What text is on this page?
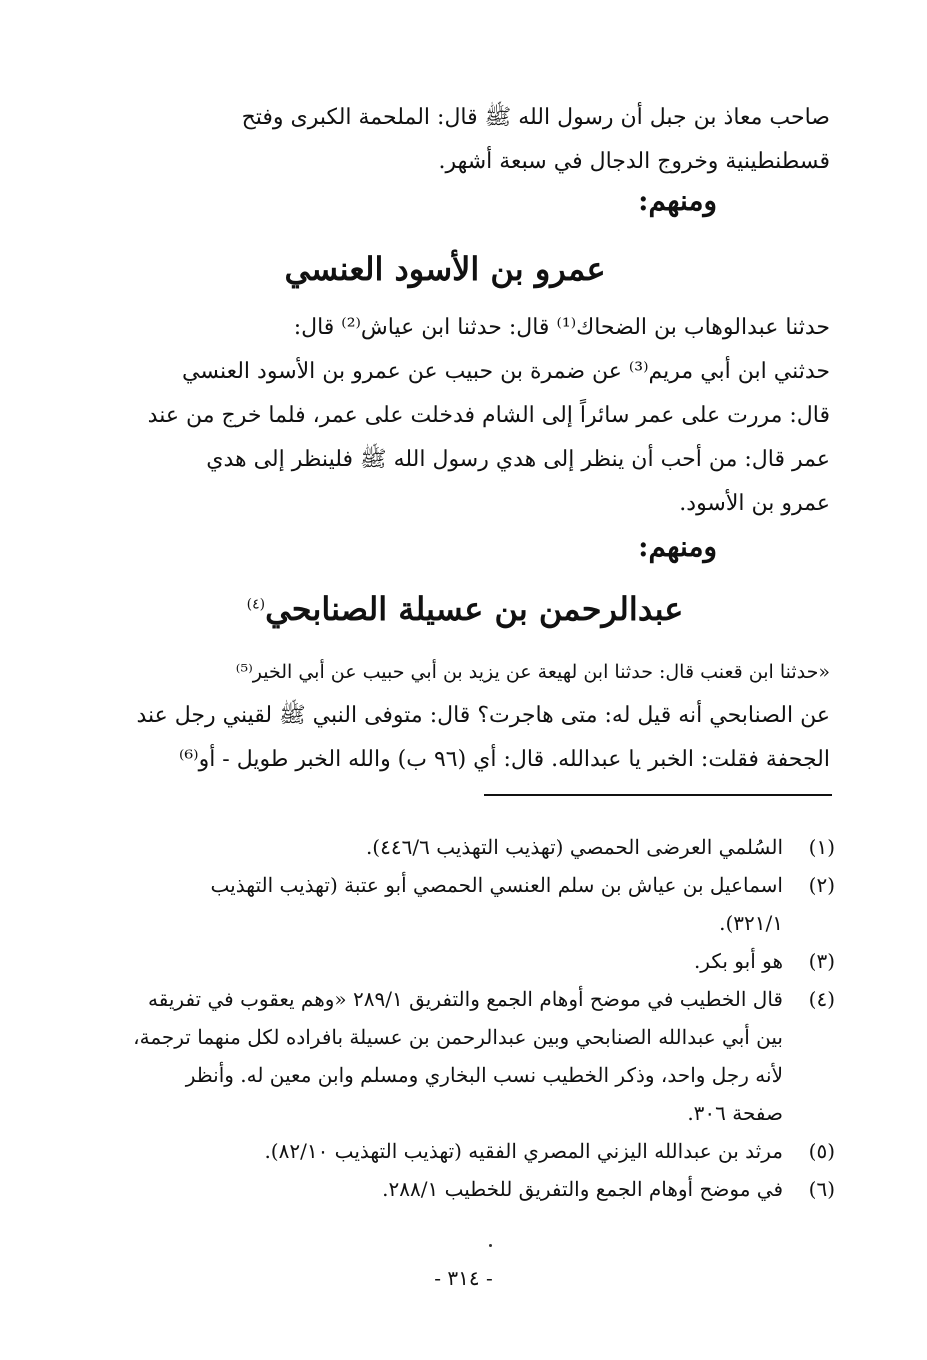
صاحب معاذ بن جبل أن رسول الله ﷺ قال: الملحمة الكبرى وفتح
قسطنطينية وخروج الدجال في سبعة أشهر.
ومنهم:
عمرو بن الأسود العنسي
حدثنا عبدالوهاب بن الضحاك⁽¹⁾ قال: حدثنا ابن عياش⁽²⁾ قال:
حدثني ابن أبي مريم⁽³⁾ عن ضمرة بن حبيب عن عمرو بن الأسود العنسي
قال: مررت على عمر سائراً إلى الشام فدخلت على عمر، فلما خرج من عند
عمر قال: من أحب أن ينظر إلى هدي رسول الله ﷺ فلينظر إلى هدي
عمرو بن الأسود.
ومنهم:
عبدالرحمن بن عسيلة الصنابحي$^{(٤)}$
«حدثنا ابن قعنب قال: حدثنا ابن لهيعة عن يزيد بن أبي حبيب عن أبي الخير⁽⁵⁾
عن الصنابحي أنه قيل له: متى هاجرت؟ قال: متوفى النبي ﷺ لقيني رجل عند
الجحفة فقلت: الخبر يا عبدالله. قال: أي (٩٦ ب) والله الخبر طويل - أو⁽⁶⁾
(١)
السُلمي العرضى الحمصي (تهذيب التهذيب ٤٤٦/٦).
(٢)
اسماعيل بن عياش بن سلم العنسي الحمصي أبو عتبة (تهذيب التهذيب
٣٢١/١).
(٣)
هو أبو بكر.
(٤)
قال الخطيب في موضح أوهام الجمع والتفريق ٢٨٩/١ «وهم يعقوب في تفريقه
بين أبي عبدالله الصنابحي وبين عبدالرحمن بن عسيلة بافراده لكل منهما ترجمة،
لأنه رجل واحد، وذكر الخطيب نسب البخاري ومسلم وابن معين له. وأنظر
صفحة ٣٠٦.
(٥)
مرثد بن عبدالله اليزني المصري الفقيه (تهذيب التهذيب ٨٢/١٠).
(٦)
في موضح أوهام الجمع والتفريق للخطيب ٢٨٨/١.
- ٣١٤ -
